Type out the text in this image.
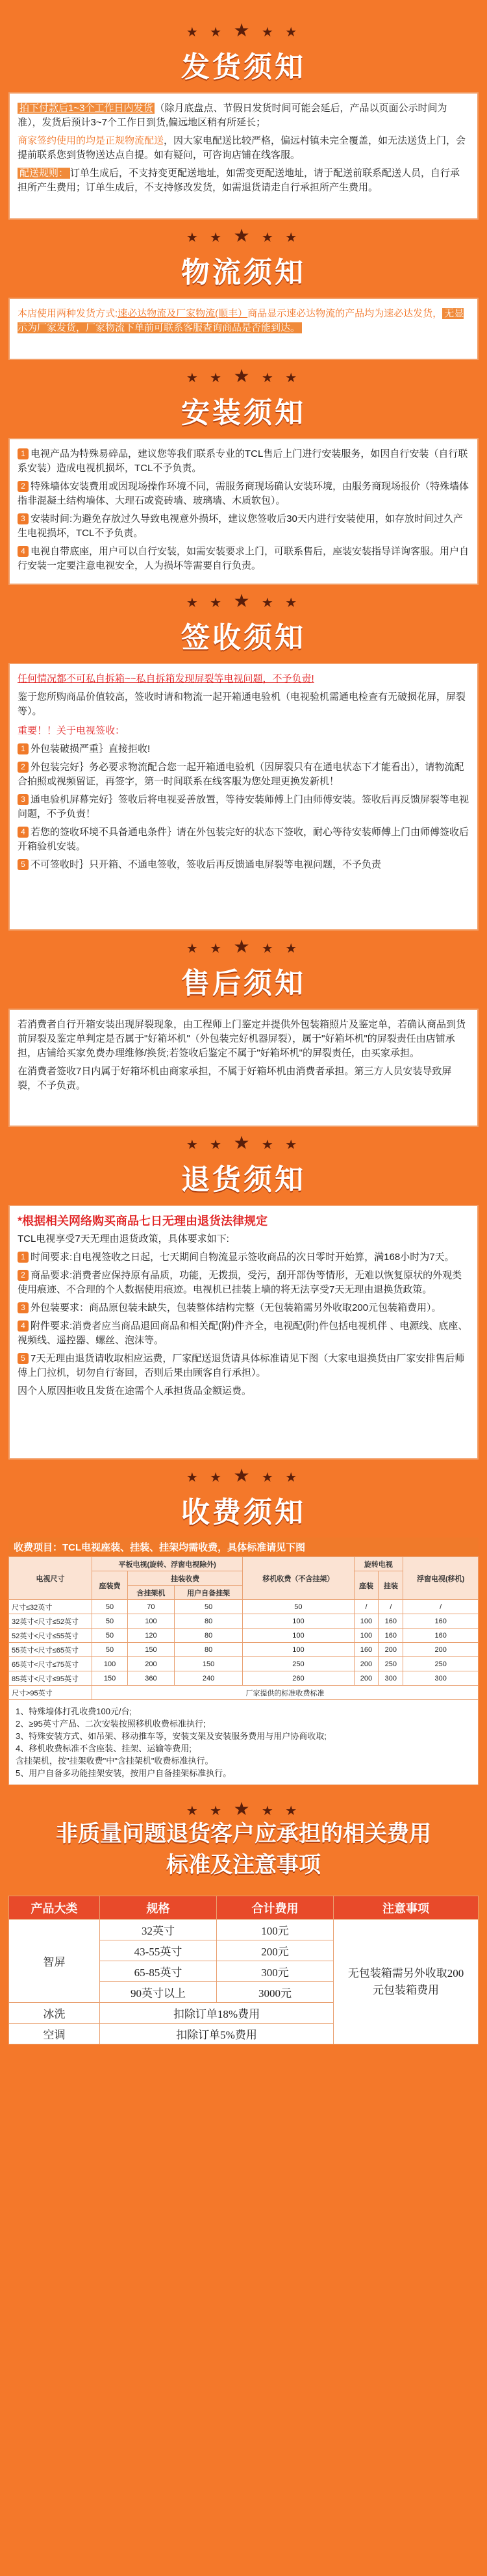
★ ★ ★ ★ ★
发货须知
拍下付款后1~3个工作日内发货 （除月底盘点、节假日发货时间可能会延后，产品以页面公示时间为准），发货后预计3~7个工作日到货,偏远地区稍有所延长；
商家签约使用的均是正规物流配送，因大家电配送比较严格，偏远村镇未完全覆盖，如无法送货上门，会提前联系您到货物送达点自提。如有疑问，可咨询店铺在线客服。
配送规则： 订单生成后，不支持变更配送地址，如需变更配送地址，请于配送前联系配送人员，自行承担所产生费用；订单生成后，不支持修改发货，如需退货请走自行承担所产生费用。
★ ★ ★ ★ ★
物流须知
本店使用两种发货方式:速必达物流及厂家物流(顺丰）商品显示速必达物流的产品均为速必达发货， 无显示为厂家发货，厂家物流下单前可联系客服查询商品是否能到达。
★ ★ ★ ★ ★
安装须知
1 电视产品为特殊易碎品，建议您等我们联系专业的TCL售后上门进行安装服务，如因自行安装（自行联系安装）造成电视机损坏，TCL不予负责。
2 特殊墙体安装费用或因现场操作环境不同，需服务商现场确认安装环境，由服务商现场报价（特殊墙体指非混凝土结构墙体、大理石或瓷砖墙、玻璃墙、木质软包）。
3 安装时间:为避免存放过久导致电视意外损坏，建议您签收后30天内进行安装使用，如存放时间过久产生电视损坏，TCL不予负责。
4 电视自带底座，用户可以自行安装，如需安装要求上门，可联系售后，座装安装指导详询客服。用户自行安装一定要注意电视安全，人为损坏等需要自行负责。
★ ★ ★ ★ ★
签收须知
任何情况都不可私自拆箱~~私自拆箱发现屏裂等电视问题，不予负责!
鉴于您所购商品价值较高，签收时请和物流一起开箱通电验机（电视验机需通电检查有无破损花屏，屏裂等）。
重要！！关于电视签收：
1 外包装破损严重｝直接拒收!
2 外包装完好｝务必要求物流配合您一起开箱通电验机（因屏裂只有在通电状态下才能看出），请物流配合拍照或视频留证，再签字，第一时间联系在线客服为您处理更换发新机！
3 通电验机屏幕完好｝签收后将电视妥善放置，等待安装师傅上门由师傅安装。签收后再反馈屏裂等电视问题，不予负责！
4 若您的签收环境不具备通电条件｝请在外包装完好的状态下签收，耐心等待安装师傅上门由师傅签收后开箱验机安装。
5 不可签收时｝只开箱、不通电签收，签收后再反馈通电屏裂等电视问题，不予负责
★ ★ ★ ★ ★
售后须知
若消费者自行开箱安装出现屏裂现象，由工程师上门鉴定并提供外包装箱照片及鉴定单，若确认商品到货前屏裂及鉴定单判定是否属于"好箱坏机"（外包装完好机器屏裂），属于"好箱坏机"的屏裂责任由店铺承担，店铺给买家免费办理维修/换货;若签收后鉴定不属于"好箱坏机"的屏裂责任，由买家承担。
在消费者签收7日内属于好箱坏机由商家承担，不属于好箱坏机由消费者承担。第三方人员安装导致屏裂，不予负责。
★ ★ ★ ★ ★
退货须知
*根据相关网络购买商品七日无理由退货法律规定
TCL电视享受7天无理由退货政策，具体要求如下:
1 时间要求:自电视签收之日起，七天期间自物流显示签收商品的次日零时开始算，满168小时为7天。
2 商品要求:消费者应保持原有品质，功能，无拨损，受污，刮开部伪等情形，无难以恢复原状的外观类使用痕迹、不合理的个人数据使用痕迹。电视机已挂装上墙的将无法享受7天无理由退换货政策。
3 外包装要求：商品原包装未缺失，包装整体结构完整（无包装箱需另外收取200元包装箱费用）。
4 附件要求:消费者应当商品退回商品和相关配(附)件齐全，电视配(附)件包括电视机伴 、电源线、底座、视频线、遥控器、螺丝、泡沫等。
5 7天无理由退货请收取相应运费，厂家配送退货请具体标准请见下图（大家电退换货由厂家安排售后师傅上门拉机，切勿自行寄回，否则后果由顾客自行承担）。
因个人原因拒收且发货在途需个人承担货品金额运费。
★ ★ ★ ★ ★
收费须知
收费项目：TCL电视座装、挂装、挂架均需收费，具体标准请见下图
电视尺寸	平板电视(旋转、浮窗电视除外)			移机收费（不含挂架）	旋转电视		浮窗电视(移机)
	座装费	挂装收费			座装	挂装	
		含挂架机	用户自备挂架				
尺寸≤32英寸	50	70	50	50	/	/	/
32英寸<尺寸≤52英寸	50	100	80	100	100	160	160
52英寸<尺寸≤55英寸	50	120	80	100	100	160	160
55英寸<尺寸≤65英寸	50	150	80	100	160	200	200
65英寸<尺寸≤75英寸	100	200	150	250	200	250	250
85英寸<尺寸≤95英寸	150	360	240	260	200	300	300
尺寸>95英寸	厂家提供的标准收费标准						
1、特殊墙体打孔收费100元/台;
2、≥95英寸产品、二次安装按照移机收费标准执行;
3、特殊安装方式、如吊架、移动推车等，安装支架及安装服务费用与用户协商收取;
4、移机收费标准不含座装、挂架、运输等费用;
含挂架机，按"挂架收费"中"含挂架机"收费标准执行。
5、用户自备多功能挂架安装，按用户自备挂架标准执行。
★ ★ ★ ★ ★
非质量问题退货客户应承担的相关费用
标准及注意事项
产品大类	规格	合计费用	注意事项
智屏	32英寸	100元	无包装箱需另外收取200元包装箱费用
	43-55英寸	200元	
	65-85英寸	300元	
	90英寸以上	3000元	
冰洗	扣除订单18%费用		
空调	扣除订单5%费用		
